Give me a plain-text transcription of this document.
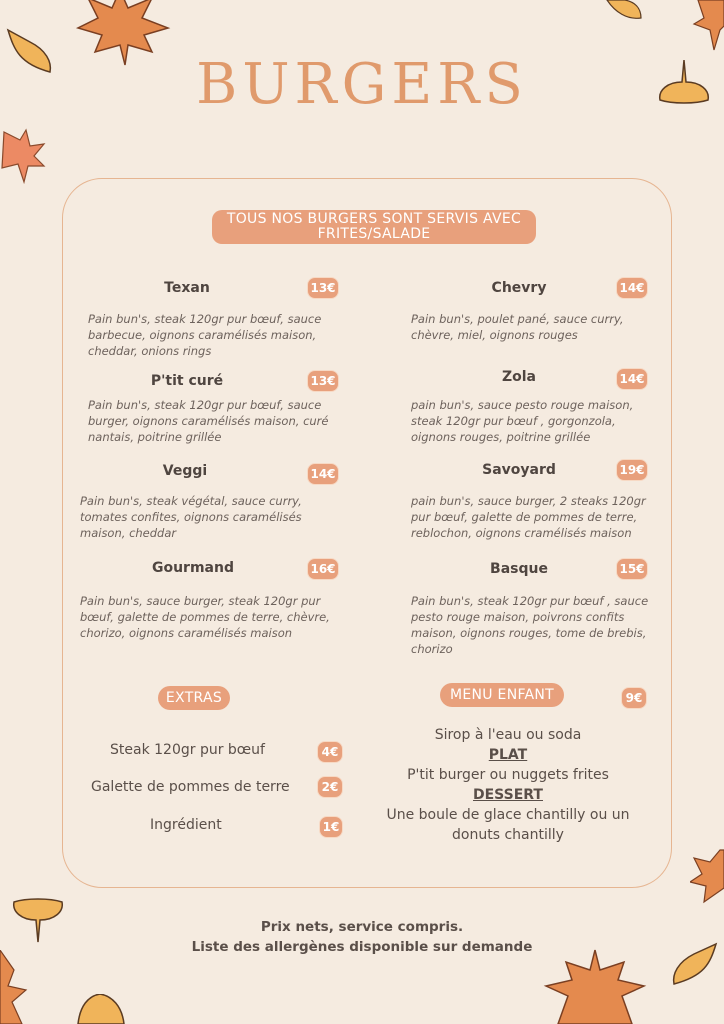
BURGERS
TOUS NOS BURGERS SONT SERVIS AVEC FRITES/SALADE
Texan	13€
Pain bun's, steak 120gr pur bœuf, sauce barbecue, oignons caramélisés maison, cheddar, onions rings
Chevry	14€
Pain bun's, poulet pané, sauce curry, chèvre, miel, oignons rouges
P'tit curé	13€
Pain bun's, steak 120gr pur bœuf, sauce burger, oignons caramélisés maison, curé nantais, poitrine grillée
Zola	14€
pain bun's, sauce pesto rouge maison, steak 120gr pur bœuf , gorgonzola, oignons rouges, poitrine grillée
Veggi	14€
Pain bun's, steak végétal, sauce curry, tomates confites, oignons caramélisés maison, cheddar
Savoyard	19€
pain bun's, sauce burger, 2 steaks 120gr pur bœuf, galette de pommes de terre, reblochon, oignons cramélisés maison
Gourmand	16€
Pain bun's, sauce burger, steak 120gr pur bœuf, galette de pommes de terre, chèvre, chorizo, oignons caramélisés maison
Basque	15€
Pain bun's, steak 120gr pur bœuf , sauce pesto rouge maison, poivrons confits maison, oignons rouges, tome de brebis, chorizo
EXTRAS
Steak 120gr pur bœuf	4€
Galette de pommes de terre	2€
Ingrédient	1€
MENU ENFANT	9€
Sirop à l'eau ou soda
PLAT
P'tit burger ou nuggets frites
DESSERT
Une boule de glace chantilly ou un
donuts chantilly
Prix nets, service compris.
Liste des allergènes disponible sur demande
